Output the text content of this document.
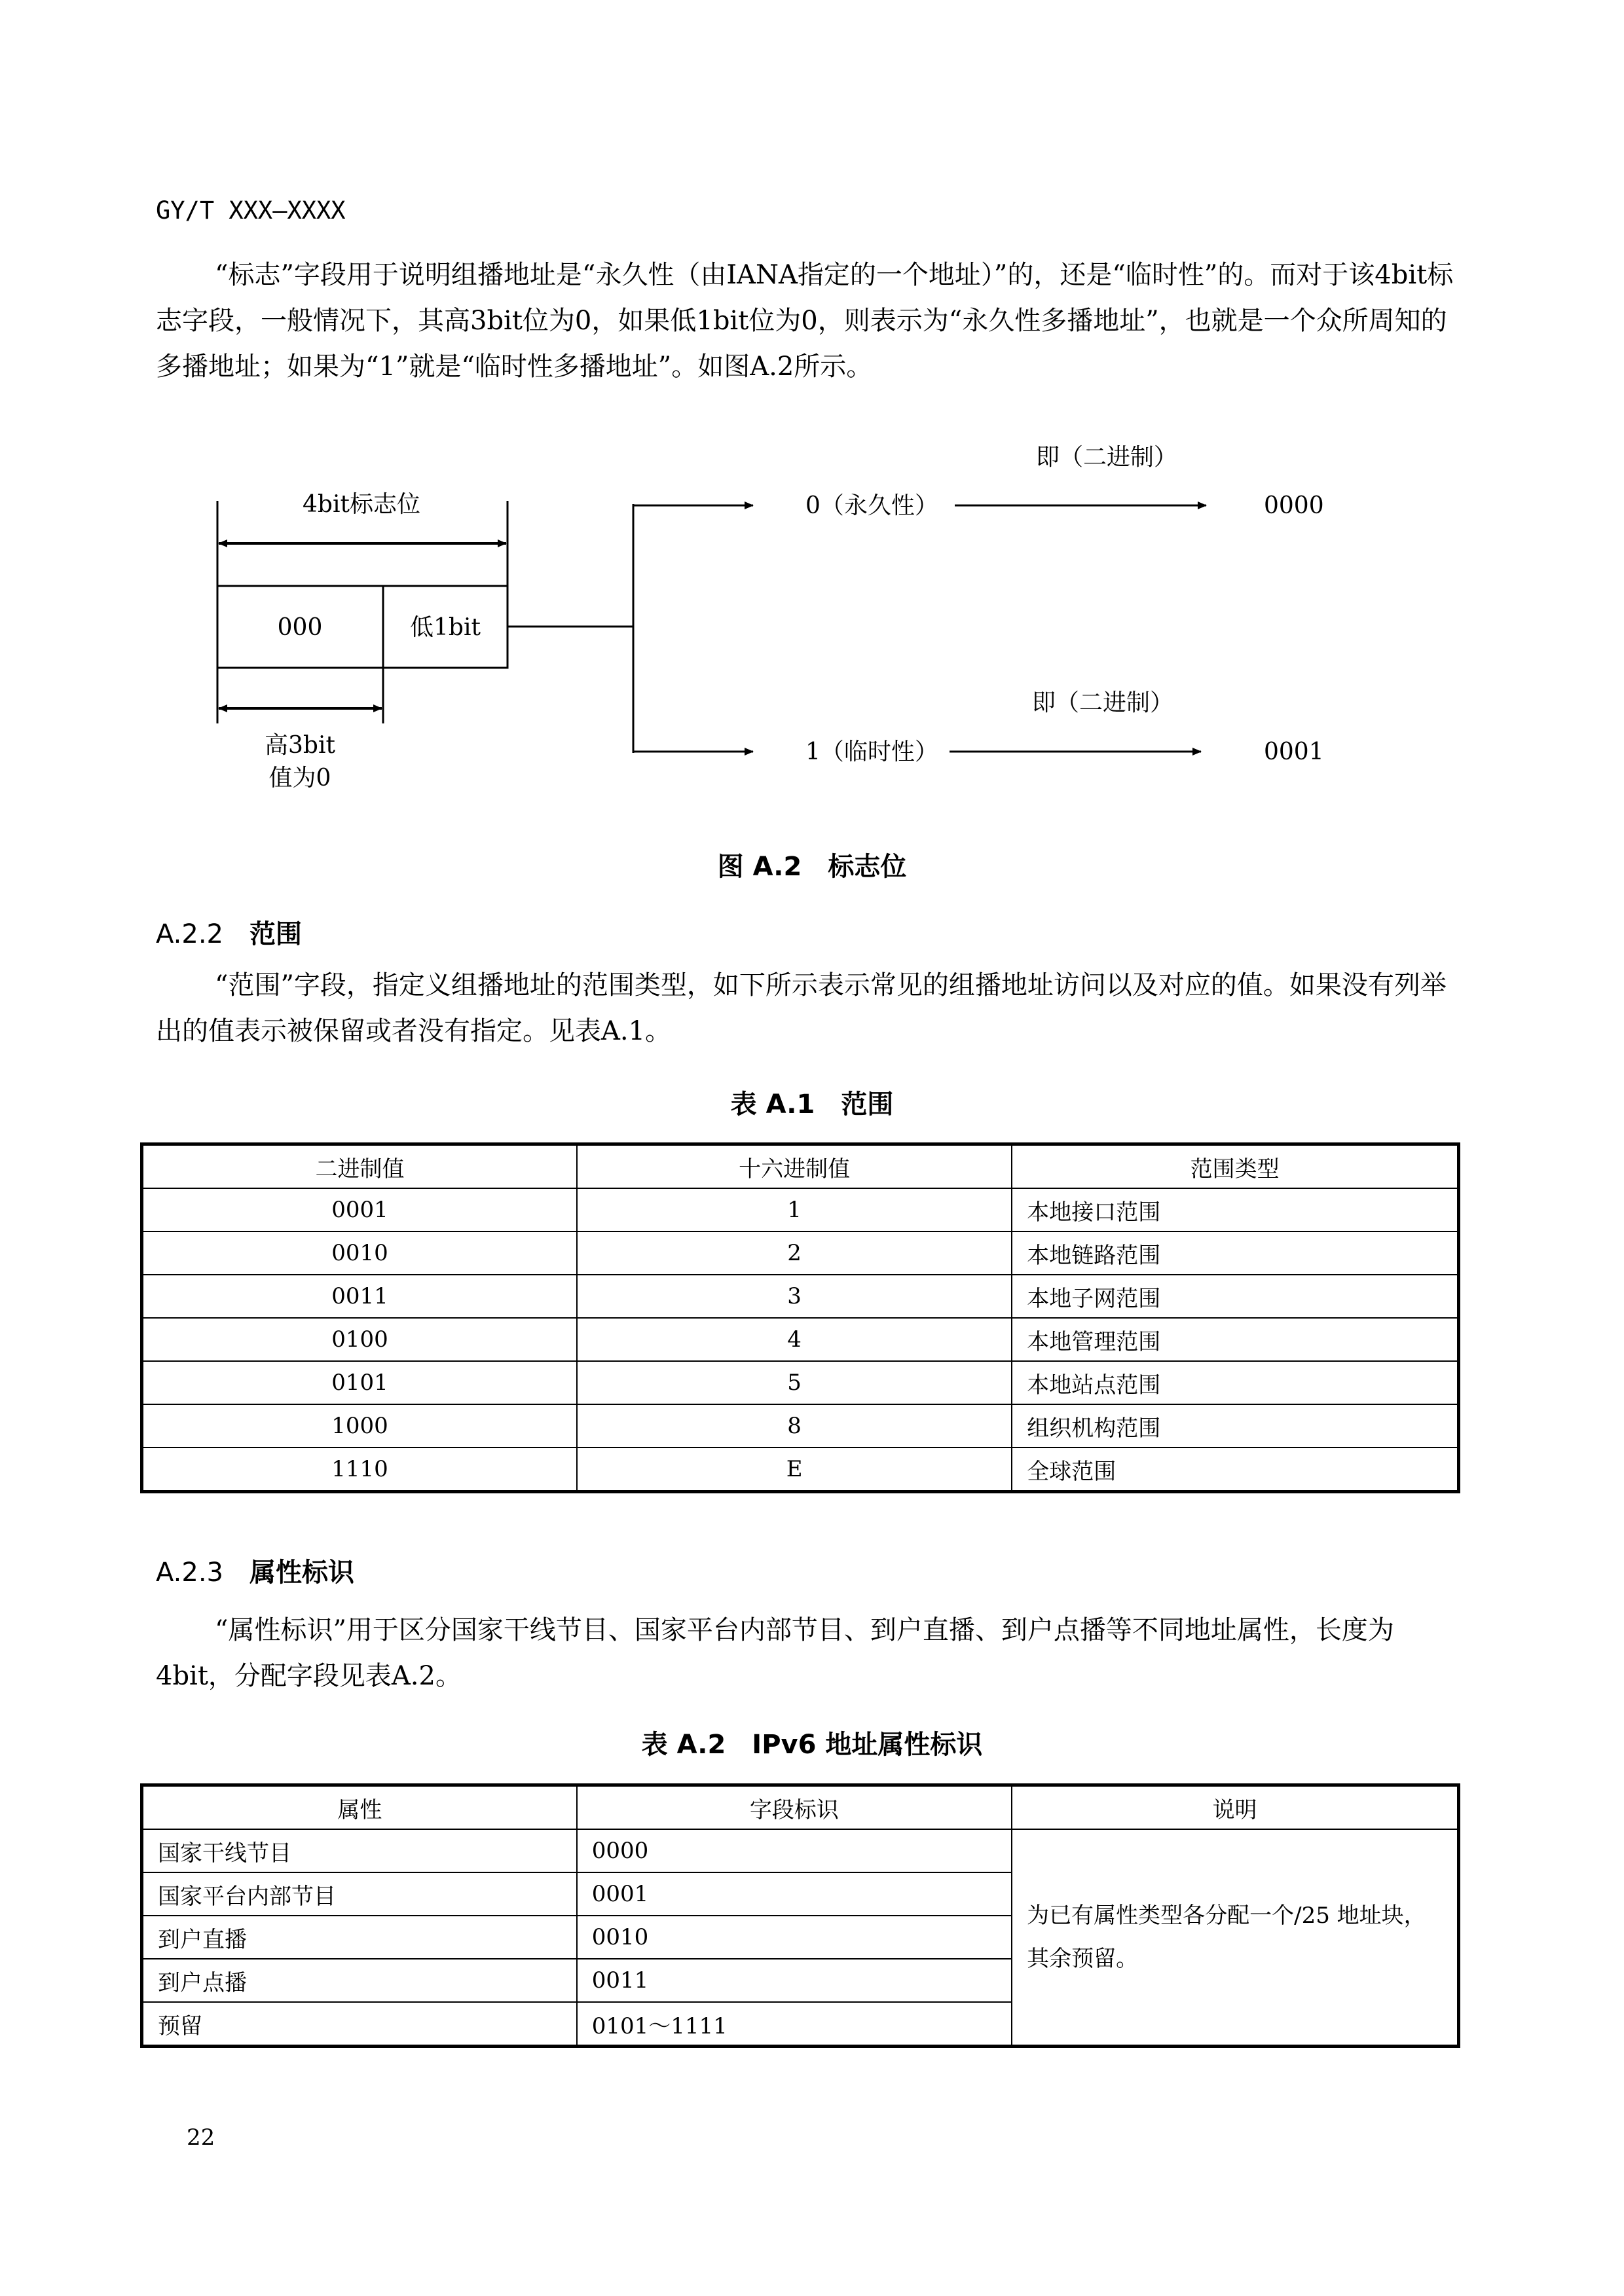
GY/T XXX—XXXX
“标志”字段用于说明组播地址是“永久性（由IANA指定的一个地址）”的，还是“临时性”的。而对于该4bit标志字段，一般情况下，其高3bit位为0，如果低1bit位为0，则表示为“永久性多播地址”，也就是一个众所周知的多播地址；如果为“1”就是“临时性多播地址”。如图A.2所示。
4bit标志位
000	低1bit
高3bit
值为0
0（永久性）
即（二进制）
0000
1（临时性）
即（二进制）
0001
图 A.2　标志位
A.2.2 范围
“范围”字段，指定义组播地址的范围类型，如下所示表示常见的组播地址访问以及对应的值。如果没有列举出的值表示被保留或者没有指定。见表A.1。
表 A.1　范围
二进制值	十六进制值	范围类型
0001	1	本地接口范围
0010	2	本地链路范围
0011	3	本地子网范围
0100	4	本地管理范围
0101	5	本地站点范围
1000	8	组织机构范围
1110	E	全球范围
A.2.3 属性标识
“属性标识”用于区分国家干线节目、国家平台内部节目、到户直播、到户点播等不同地址属性，长度为4bit，分配字段见表A.2。
表 A.2　IPv6 地址属性标识
属性	字段标识	说明
国家干线节目	0000	为已有属性类型各分配一个/25 地址块，其余预留。
国家平台内部节目	0001	
到户直播	0010	
到户点播	0011	
预留	0101～1111	
22
